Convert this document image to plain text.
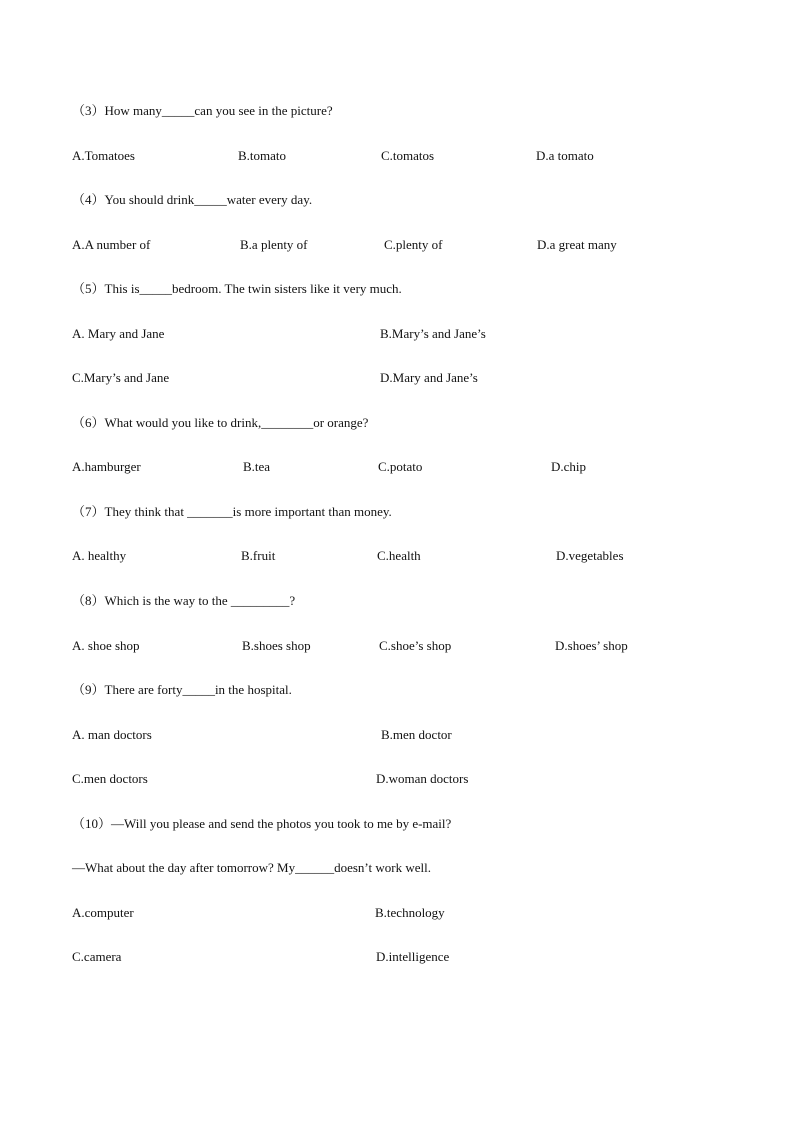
（3）How many_____can you see in the picture?
A.Tomatoes	B.tomato	C.tomatos	D.a tomato
（4）You should drink_____water every day.
A.A number of	B.a plenty of	C.plenty of	D.a great many
（5）This is_____bedroom. The twin sisters like it very much.
A. Mary and Jane	B.Mary’s and Jane’s
C.Mary’s and Jane	D.Mary and Jane’s
（6）What would you like to drink,________or orange?
A.hamburger	B.tea	C.potato	D.chip
（7）They think that _______is more important than money.
A. healthy	B.fruit	C.health	D.vegetables
（8）Which is the way to the _________?
A. shoe shop	B.shoes shop	C.shoe’s shop	D.shoes’ shop
（9）There are forty_____in the hospital.
A. man doctors	B.men doctor
C.men doctors	D.woman doctors
（10）—Will you please and send the photos you took to me by e-mail?
—What about the day after tomorrow? My______doesn’t work well.
A.computer	B.technology
C.camera	D.intelligence
